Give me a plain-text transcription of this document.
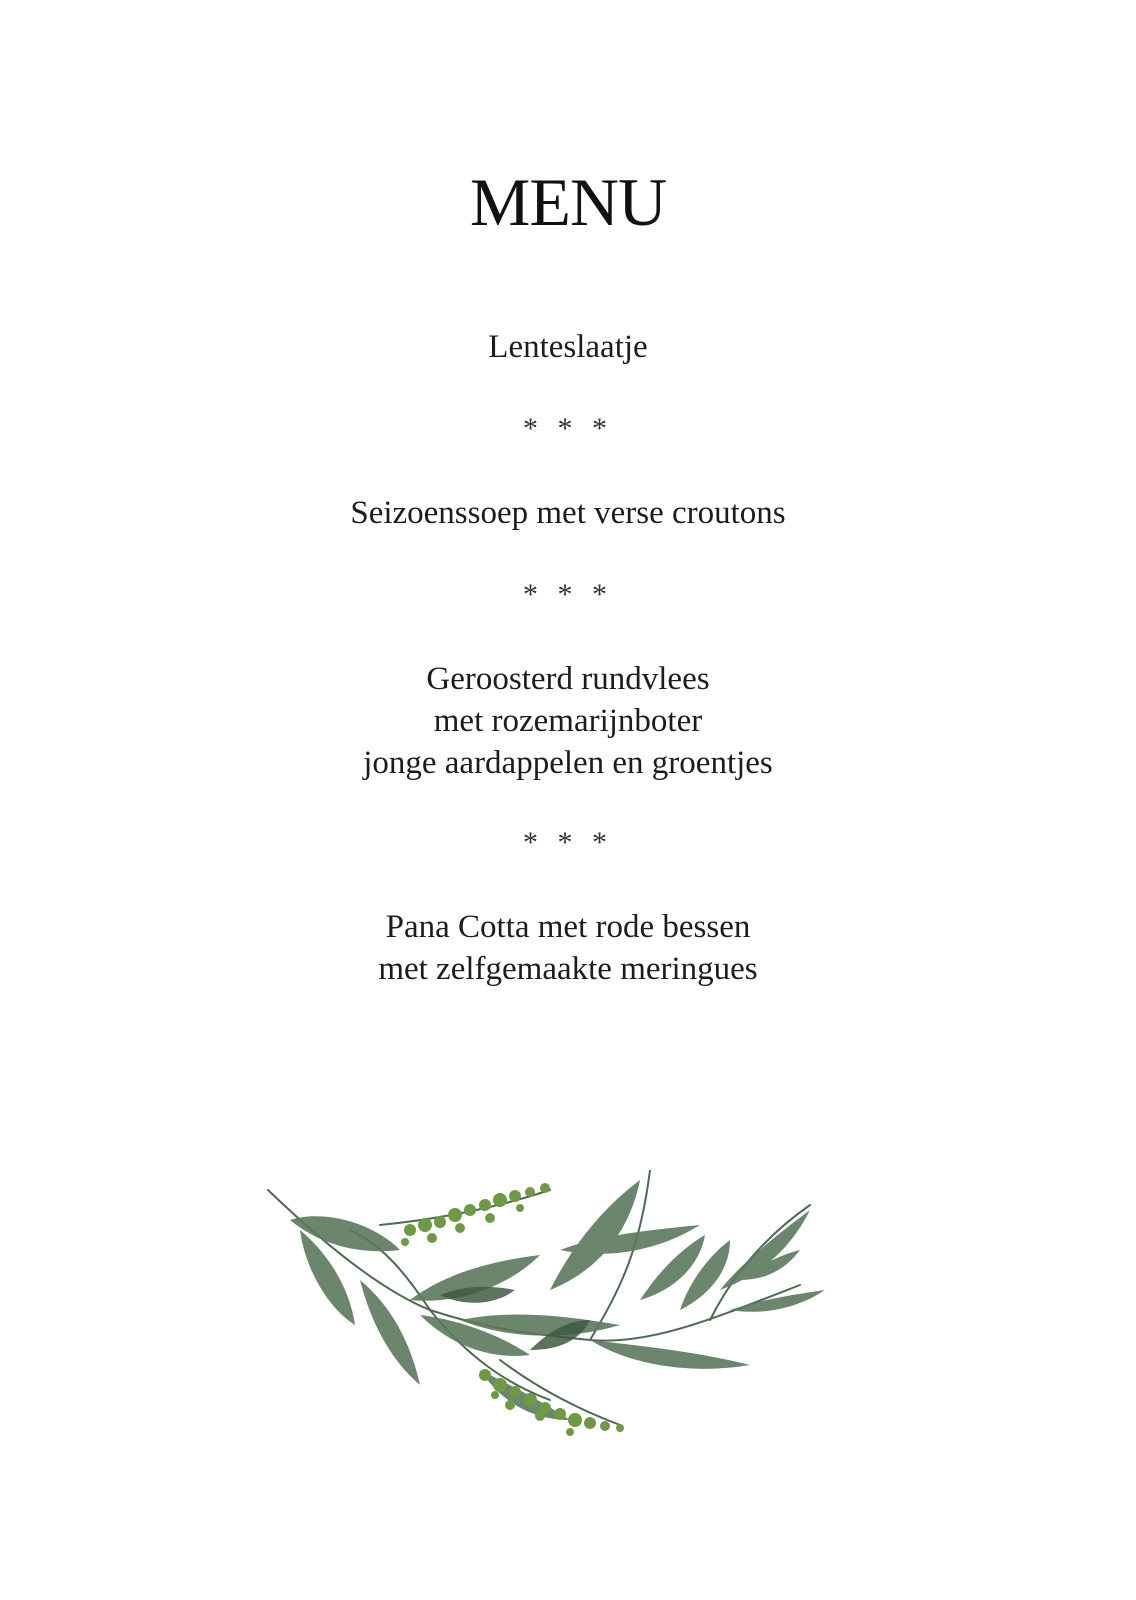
MENU
Lenteslaatje
* * *
Seizoenssoep met verse croutons
* * *
Geroosterd rundvlees
met rozemarijnboter
jonge aardappelen en groentjes
* * *
Pana Cotta met rode bessen
met zelfgemaakte meringues
